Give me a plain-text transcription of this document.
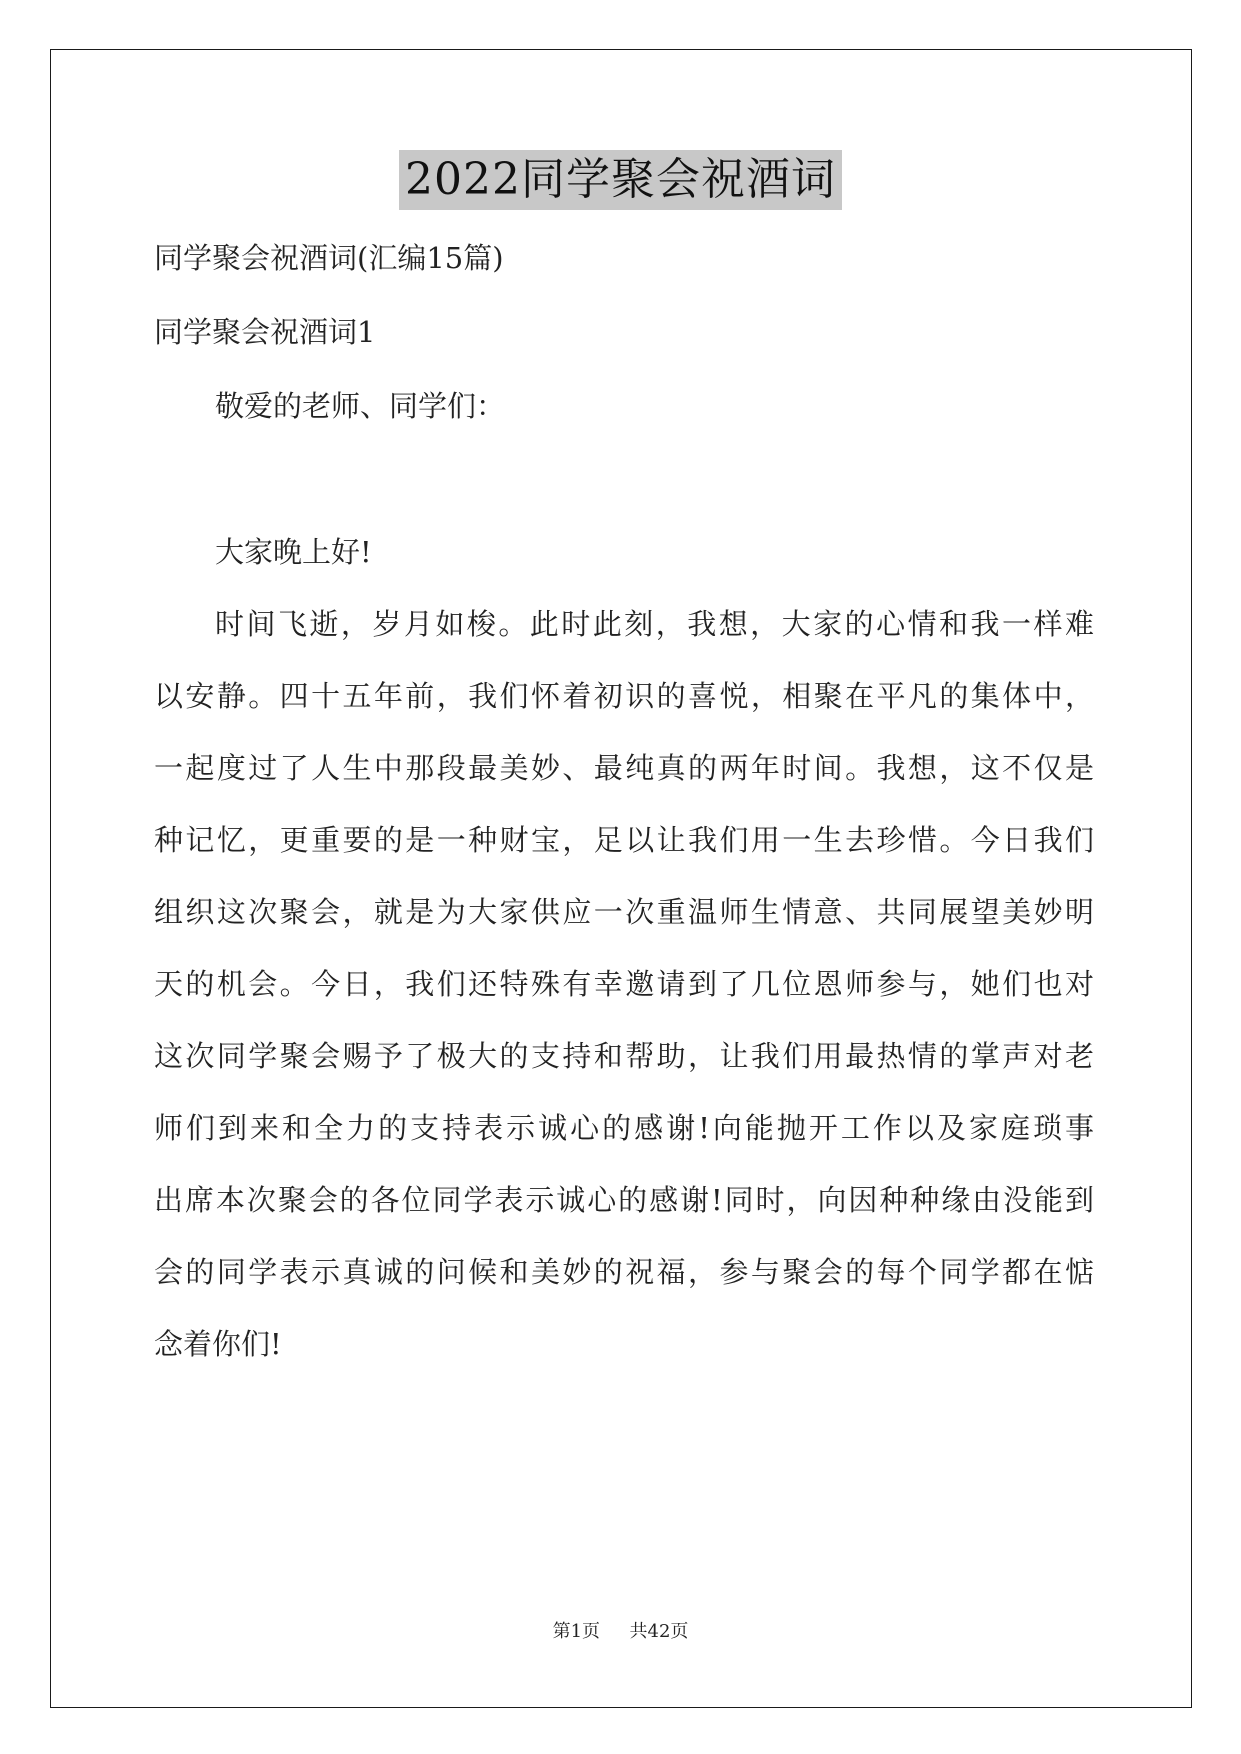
2022同学聚会祝酒词
同学聚会祝酒词(汇编15篇)
同学聚会祝酒词1
敬爱的老师、同学们：
大家晚上好!
时间飞逝，岁月如梭。此时此刻，我想，大家的心情和我一样难
以安静。四十五年前，我们怀着初识的喜悦，相聚在平凡的集体中，
一起度过了人生中那段最美妙、最纯真的两年时间。我想，这不仅是
种记忆，更重要的是一种财宝，足以让我们用一生去珍惜。今日我们
组织这次聚会，就是为大家供应一次重温师生情意、共同展望美妙明
天的机会。今日，我们还特殊有幸邀请到了几位恩师参与，她们也对
这次同学聚会赐予了极大的支持和帮助，让我们用最热情的掌声对老
师们到来和全力的支持表示诚心的感谢!向能抛开工作以及家庭琐事
出席本次聚会的各位同学表示诚心的感谢!同时，向因种种缘由没能到
会的同学表示真诚的问候和美妙的祝福，参与聚会的每个同学都在惦
念着你们!
第1页 共42页
